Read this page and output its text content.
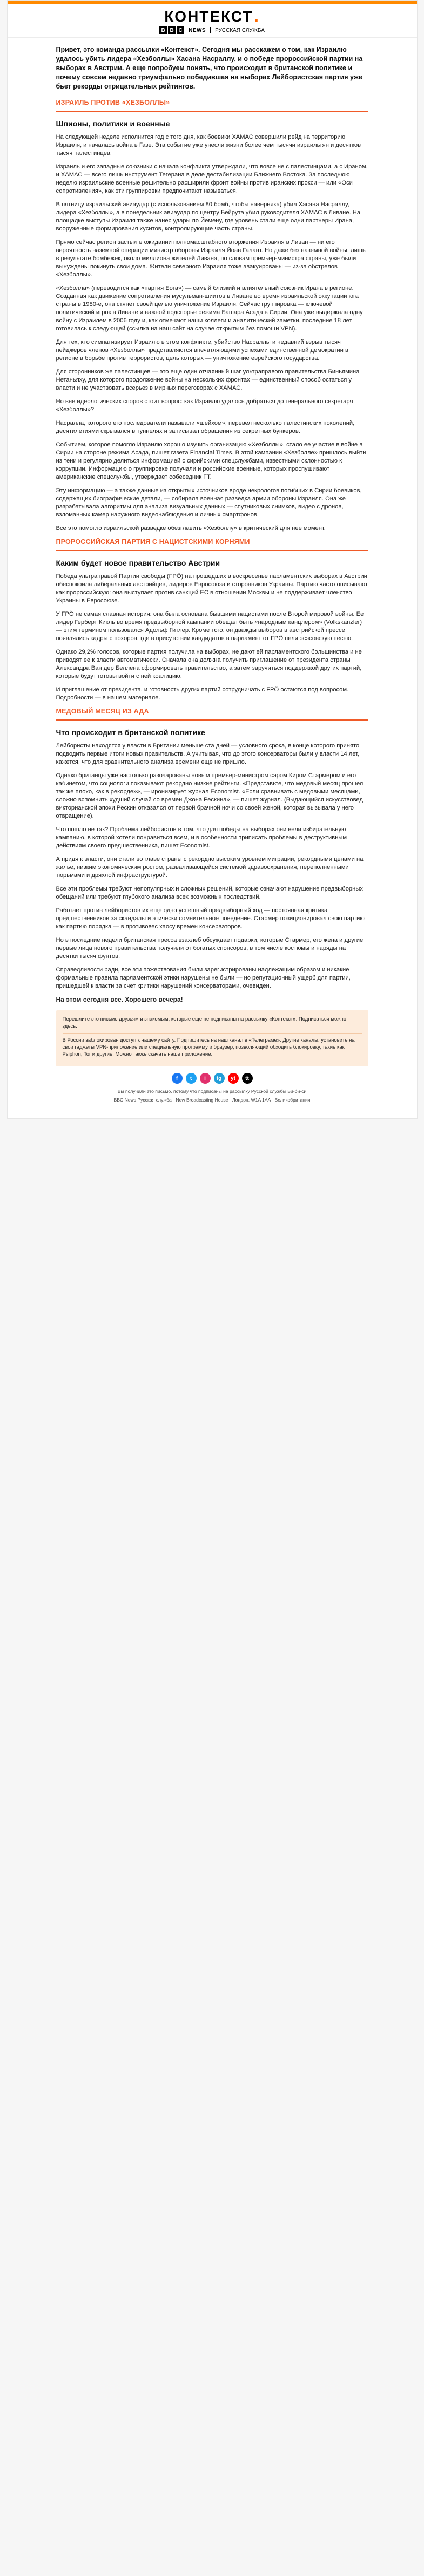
КОНТЕКСТ .
B B C	NEWS РУССКАЯ СЛУЖБА

Привет, это команда рассылки «Контекст». Сегодня мы расскажем о том, как Израилю удалось убить лидера «Хезболлы» Хасана Насраллу, и о победе пророссийской партии на выборах в Австрии. А еще попробуем понять, что происходит в британской политике и почему совсем недавно триумфально победившая на выборах Лейбористская партия уже бьет рекорды отрицательных рейтингов.

ИЗРАИЛЬ ПРОТИВ «ХЕЗБОЛЛЫ»
Шпионы, политики и военные

На следующей неделе исполнится год с того дня, как боевики ХАМАС совершили рейд на территорию Израиля, и началась война в Газе. Эта событие уже унесли жизни более чем тысячи израильтян и десятков тысяч палестинцев.

Израиль и его западные союзники с начала конфликта утверждали, что вовсе не с палестинцами, а с Ираном, и ХАМАС — всего лишь инструмент Тегерана в деле дестабилизации Ближнего Востока. За последнюю неделю израильские военные решительно расширили фронт войны против иранских прокси — или «Оси сопротивления», как эти группировки предпочитают называться.

В пятницу израильский авиаудар (с использованием 80 бомб, чтобы наверняка) убил Хасана Насраллу, лидера «Хезболлы», а в понедельник авиаудар по центру Бейрута убил руководителя ХАМАС в Ливане. На площадке выступы Израиля также нанес удары по Йемену, где уровень стали еще одни партнеры Ирана, вооруженные формирования хуситов, контролирующие часть страны.

Прямо сейчас регион застыл в ожидании полномасштабного вторжения Израиля в Ливан — ни его вероятность наземной операции министр обороны Израиля Йоав Галант. Но даже без наземной войны, лишь в результате бомбежек, около миллиона жителей Ливана, по словам премьер-министра страны, уже были вынуждены покинуть свои дома. Жители северного Израиля тоже эвакуированы — из-за обстрелов «Хезболлы».

«Хезболла» (переводится как «партия Бога») — самый близкий и влиятельный союзник Ирана в регионе. Созданная как движение сопротивления мусульман-шиитов в Ливане во время израильской оккупации юга страны в 1980-е, она стянет своей целью уничтожение Израиля. Сейчас группировка — ключевой политический игрок в Ливане и важной подспорье режима Башара Асада в Сирии. Она уже выдержала одну войну с Израилем в 2006 году и, как отмечают наши коллеги и аналитический заметки, последние 18 лет готовилась к следующей (ссылка на наш сайт на случае открытым без помощи VPN).

Для тех, кто симпатизирует Израилю в этом конфликте, убийство Насраллы и недавний взрыв тысяч пейджеров членов «Хезболлы» представляются впечатляющими успехами единственной демократии в регионе в борьбе против террористов, цель которых — уничтожение еврейского государства.

Для сторонников же палестинцев — это еще один отчаянный шаг ультраправого правительства Биньямина Нетаньяху, для которого продолжение войны на нескольких фронтах — единственный способ остаться у власти и не участвовать всерьез в мирных переговорах с ХАМАС.

Но вне идеологических споров стоит вопрос: как Израилю удалось добраться до генерального секретаря «Хезболлы»?

Насралла, которого его последователи называли «шейхом», перевел несколько палестинских поколений, десятилетиями скрывался в туннелях и записывал обращения из секретных бункеров.

Событием, которое помогло Израилю хорошо изучить организацию «Хезболлы», стало ее участие в войне в Сирии на стороне режима Асада, пишет газета Financial Times. В этой кампании «Хезболле» пришлось выйти из тени и регулярно делиться информацией с сирийскими спецслужбами, известными склонностью к коррупции. Информацию о группировке получали и российские военные, которых проспушивают американские спецслужбы, утверждает собеседник FT.

Эту информацию — а также данные из открытых источников вроде некрологов погибших в Сирии боевиков, содержащих биографические детали, — собирала военная разведка армии обороны Израиля. Она же разрабатывала алгоритмы для анализа визуальных данных — спутниковых снимков, видео с дронов, взломанных камер наружного видеонаблюдения и личных смартфонов.

Все это помогло израильской разведке обезглавить «Хезболлу» в критический для нее момент.

ПРОРОССИЙСКАЯ ПАРТИЯ С НАЦИСТСКИМИ КОРНЯМИ
Каким будет новое правительство Австрии

Победа ультраправой Партии свободы (FPÖ) на прошедших в воскресенье парламентских выборах в Австрии обеспокоила либеральных австрийцев, лидеров Евросоюза и сторонников Украины. Партию часто описывают как пророссийскую: она выступает против санкций ЕС в отношении Москвы и не поддерживает членство Украины в Евросоюзе.

У FPÖ не самая славная история: она была основана бывшими нацистами после Второй мировой войны. Ее лидер Герберт Кикль во время предвыборной кампании обещал быть «народным канцлером» (Volkskanzler) — этим термином пользовался Адольф Гитлер. Кроме того, он дважды выборов в австрийской прессе появлялись кадры с похорон, где в присутствии кандидатов в парламент от FPÖ пели эсэсовскую песню.

Однако 29,2% голосов, которые партия получила на выборах, не дают ей парламентского большинства и не приводят ее к власти автоматически. Сначала она должна получить приглашение от президента страны Александра Ван дер Беллена сформировать правительство, а затем заручиться поддержкой других партий, которые будут готовы войти с ней коалицию.

И приглашение от президента, и готовность других партий сотрудничать с FPÖ остаются под вопросом. Подробности — в нашем материале.

МЕДОВЫЙ МЕСЯЦ ИЗ АДА
Что происходит в британской политике

Лейбористы находятся у власти в Британии меньше ста дней — условного срока, в конце которого принято подводить первые итоги новых правительств. А учитывая, что до этого консерваторы были у власти 14 лет, кажется, что для сравнительного анализа времени еще не пришло.

Однако британцы уже настолько разочарованы новым премьер-министром сэром Киром Стармером и его кабинетом, что социологи показывают рекордно низкие рейтинги. «Представьте, что медовый месяц прошел так же плохо, как в рекорде»», — иронизирует журнал Economist. «Если сравнивать с медовыми месяцами, сложно вспомнить худший случай со времен Джона Рескина», — пишет журнал. (Выдающийся искусствовед викторианской эпохи Рёскин отказался от первой брачной ночи со своей женой, которая вызывала у него отвращение).

Что пошло не так? Проблема лейбористов в том, что для победы на выборах они вели избирательную кампанию, в которой хотели понравиться всем, и в особенности приписать проблемы в деструктивным действиям своего предшественника, пишет Economist.

А придя к власти, они стали во главе страны с рекордно высоким уровнем миграции, рекордными ценами на жилье, низким экономическим ростом, разваливающейся системой здравоохранения, переполненными тюрьмами и дряхлой инфраструктурой.

Все эти проблемы требуют непопулярных и сложных решений, которые означают нарушение предвыборных обещаний или требуют глубокого анализа всех возможных последствий.

Работает против лейбористов их еще одно успешный предвыборный ход — постоянная критика предшественников за скандалы и этически сомнительное поведение. Стармер позиционировал свою партию как партию порядка — в противовес хаосу времен консерваторов.

Но в последние недели британская пресса взахлеб обсуждает подарки, которые Стармер, его жена и другие первые лица нового правительства получили от богатых спонсоров, в том числе костюмы и наряды на десятки тысяч фунтов.

Справедливости ради, все эти пожертвования были зарегистрированы надлежащим образом и никакие формальные правила парламентской этики нарушены не были — но репутационный ущерб для партии, пришедшей к власти за счет критики нарушений консерваторами, очевиден.

На этом сегодня все. Хорошего вечера!

Перешлите это письмо друзьям и знакомым, которые еще не подписаны на рассылку «Контекст». Подписаться можно здесь.

В России заблокирован доступ к нашему сайту. Подпишитесь на наш канал в «Телеграме». Другие каналы: установите на свои гаджеты VPN-приложение или специальную программу и браузер, позволяющий обходить блокировку, такие как Psiphon, Tor и другие. Можно также скачать наше приложение.

f	t	i	tg	yt	tt
Вы получили это письмо, потому что подписаны на рассылку Русской службы Би-би-си
BBC News Русская служба · New Broadcasting House · Лондон, W1A 1AA · Великобритания
